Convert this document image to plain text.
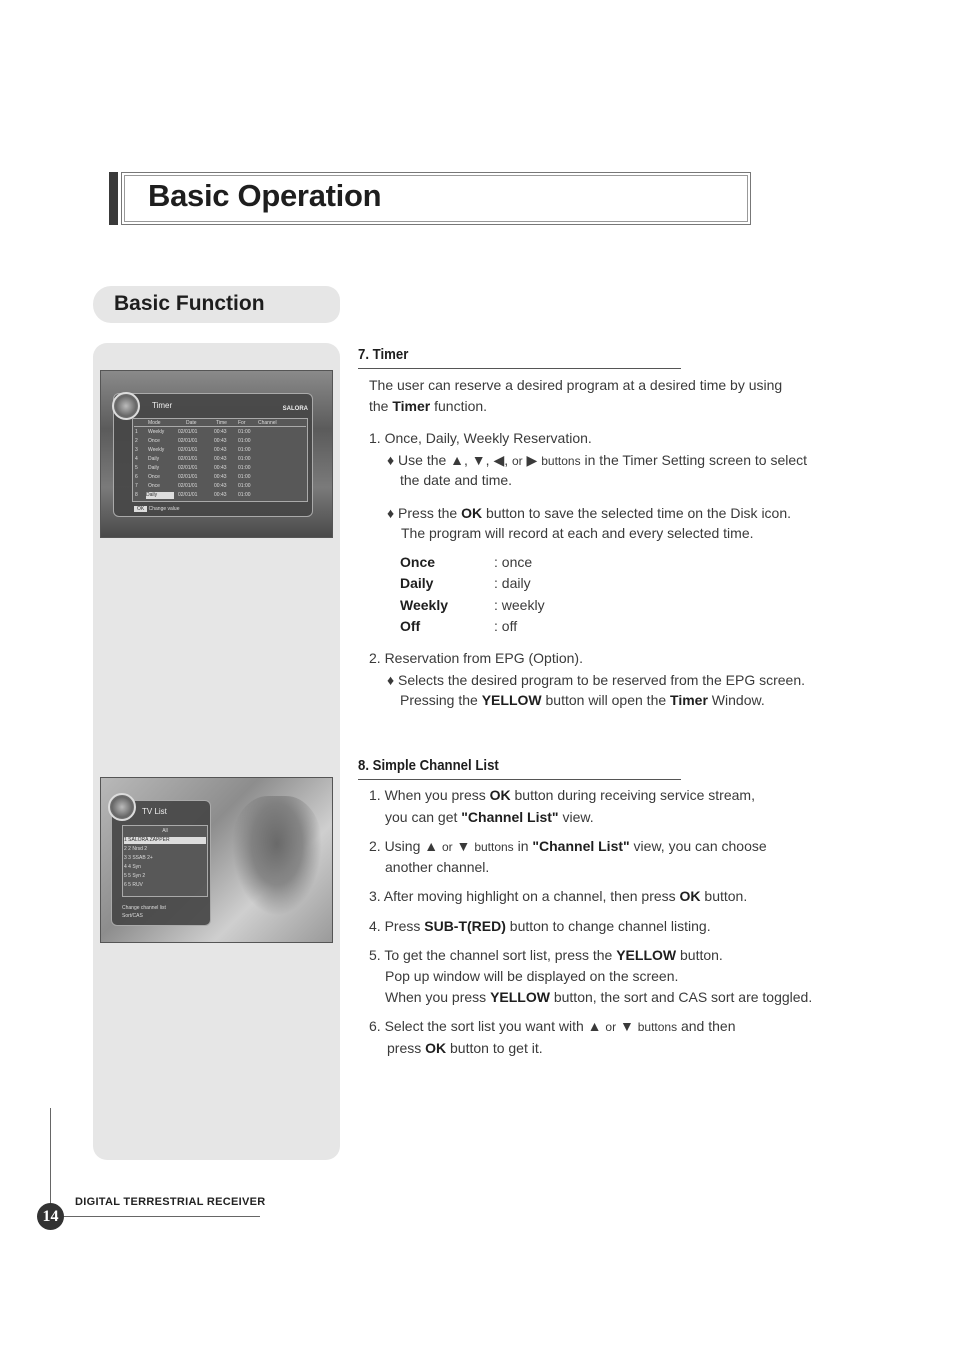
Basic Operation
Basic Function
Timer	SALORA
Mode	Date	Time For	Channel
1 Weekly	02/01/01	00:43 01:00
2 Once	02/01/01	00:43 01:00
3 Weekly	02/01/01	00:43 01:00
4 Daily	02/01/01	00:43 01:00
5 Daily	02/01/01	00:43 01:00
6 Once	02/01/01	00:43 01:00
7 Once	02/01/01	00:43 01:00
8 Daily	02/01/01	00:43 01:00
OK Change value
TV List
All
1 SALORA ZAPPER
2 2 Nrsd 2
3 3 SSAB 2+
4 4 Syn
5 5 Syn 2
6 5 RUV
Change channel list
Sort/CAS
7. Timer
The user can reserve a desired program at a desired time by using
the Timer function.
1. Once, Daily, Weekly Reservation.
♦ Use the ▲, ▼, ◀, or ▶ buttons in the Timer Setting screen to select
the date and time.
♦ Press the OK button to save the selected time on the Disk icon.
The program will record at each and every selected time.
Once	: once
Daily	: daily
Weekly	: weekly
Off	: off
2. Reservation from EPG (Option).
♦ Selects the desired program to be reserved from the EPG screen.
Pressing the YELLOW button will open the Timer Window.
8. Simple Channel List
1. When you press OK button during receiving service stream,
you can get "Channel List" view.
2. Using ▲ or ▼ buttons in "Channel List" view, you can choose
another channel.
3. After moving highlight on a channel, then press OK button.
4. Press SUB-T(RED) button to change channel listing.
5. To get the channel sort list, press the YELLOW button.
Pop up window will be displayed on the screen.
When you press YELLOW button, the sort and CAS sort are toggled.
6. Select the sort list you want with ▲ or ▼ buttons and then
press OK button to get it.
14
DIGITAL TERRESTRIAL RECEIVER
